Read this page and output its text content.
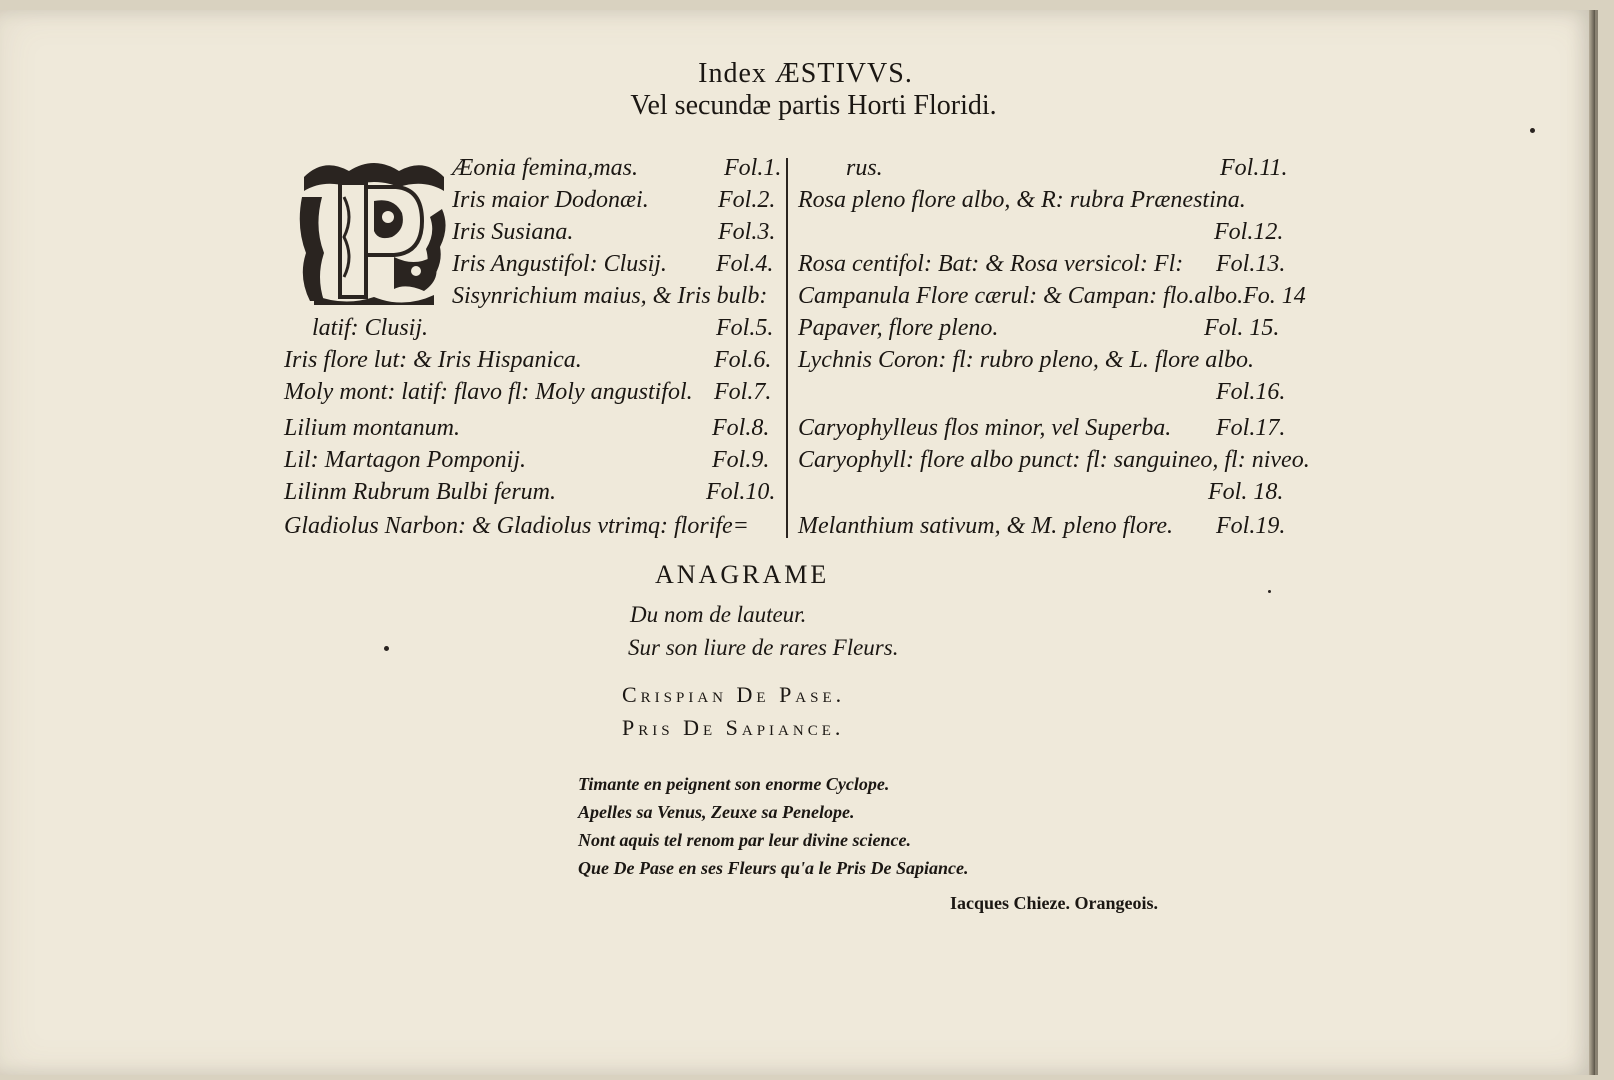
Index ÆSTIVVS.
Vel secundæ partis Horti Floridi.
Æonia femina,mas.	Fol.1.
Iris maior Dodonæi.	Fol.2.
Iris Susiana.	Fol.3.
Iris Angustifol: Clusij. Fol.4.
Sisynrichium maius, & Iris bulb:
latif: Clusij.	Fol.5.
Iris flore lut: & Iris Hispanica.	Fol.6.
Moly mont: latif: flavo fl: Moly angustifol. Fol.7.
Lilium montanum.	Fol.8.
Lil: Martagon Pomponij.	Fol.9.
Lilinm Rubrum Bulbi ferum.	Fol.10.
Gladiolus Narbon: & Gladiolus vtrimq: florife=
rus.	Fol.11.
Rosa pleno flore albo, & R: rubra Prænestina.
Fol.12.
Rosa centifol: Bat: & Rosa versicol: Fl: Fol.13.
Campanula Flore cærul: & Campan: flo.albo.Fo. 14
Papaver, flore pleno.	Fol. 15.
Lychnis Coron: fl: rubro pleno, & L. flore albo.
Fol.16.
Caryophylleus flos minor, vel Superba. Fol.17.
Caryophyll: flore albo punct: fl: sanguineo, fl: niveo.
Fol. 18.
Melanthium sativum, & M. pleno flore. Fol.19.
ANAGRAME
Du nom de lauteur.
Sur son liure de rares Fleurs.
Crispian De Pase.
Pris De Sapiance.
Timante en peignent son enorme Cyclope.
Apelles sa Venus, Zeuxe sa Penelope.
Nont aquis tel renom par leur divine science.
Que De Pase en ses Fleurs qu'a le Pris De Sapiance.
Iacques Chieze. Orangeois.
